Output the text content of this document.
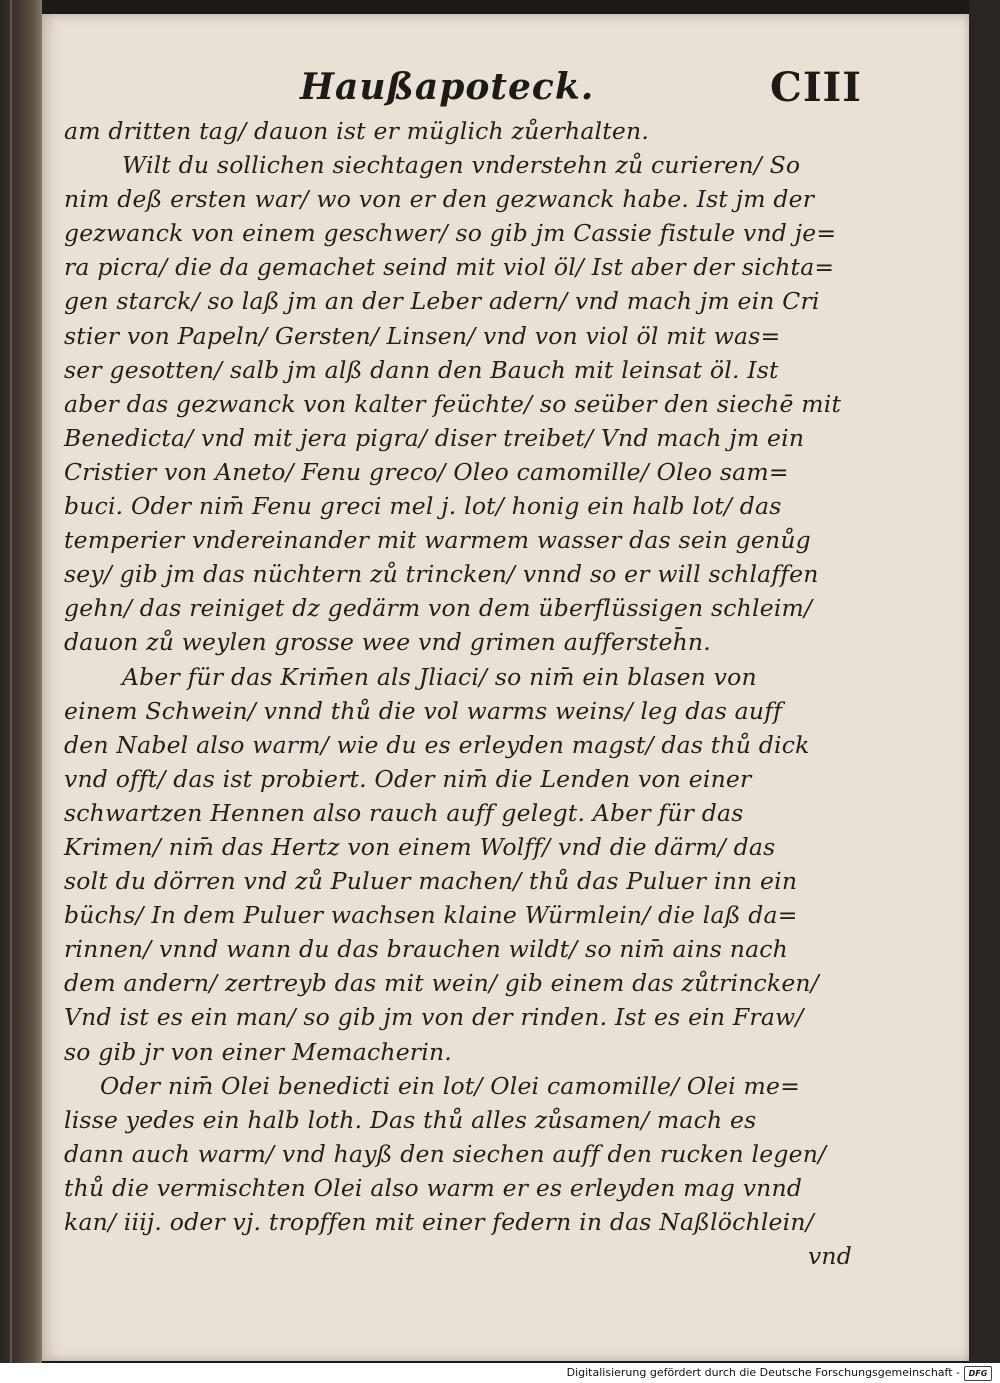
Haußapoteck.	CIII
am dritten tag/ dauon ist er müglich zůerhalten.
Wilt du sollichen siechtagen vnderstehn zů curieren/ So
nim deß ersten war/ wo von er den gezwanck habe. Ist jm der
gezwanck von einem geschwer/ so gib jm Cassie fistule vnd je=
ra picra/ die da gemachet seind mit viol öl/ Ist aber der sichta=
gen starck/ so laß jm an der Leber adern/ vnd mach jm ein Cri
stier von Papeln/ Gersten/ Linsen/ vnd von viol öl mit was=
ser gesotten/ salb jm alß dann den Bauch mit leinsat öl. Ist
aber das gezwanck von kalter feüchte/ so seüber den siechē mit
Benedicta/ vnd mit jera pigra/ diser treibet/ Vnd mach jm ein
Cristier von Aneto/ Fenu greco/ Oleo camomille/ Oleo sam=
buci. Oder nim̄ Fenu greci mel j. lot/ honig ein halb lot/ das
temperier vndereinander mit warmem wasser das sein genůg
sey/ gib jm das nüchtern zů trincken/ vnnd so er will schlaffen
gehn/ das reiniget dz gedärm von dem überflüssigen schleim/
dauon zů weylen grosse wee vnd grimen auffersteh̄n.
Aber für das Krim̄en als Jliaci/ so nim̄ ein blasen von
einem Schwein/ vnnd thů die vol warms weins/ leg das auff
den Nabel also warm/ wie du es erleyden magst/ das thů dick
vnd offt/ das ist probiert. Oder nim̄ die Lenden von einer
schwartzen Hennen also rauch auff gelegt. Aber für das
Krimen/ nim̄ das Hertz von einem Wolff/ vnd die därm/ das
solt du dörren vnd zů Puluer machen/ thů das Puluer inn ein
büchs/ In dem Puluer wachsen klaine Würmlein/ die laß da=
rinnen/ vnnd wann du das brauchen wildt/ so nim̄ ains nach
dem andern/ zertreyb das mit wein/ gib einem das zůtrincken/
Vnd ist es ein man/ so gib jm von der rinden. Ist es ein Fraw/
so gib jr von einer Memacherin.
Oder nim̄ Olei benedicti ein lot/ Olei camomille/ Olei me=
lisse yedes ein halb loth. Das thů alles zůsamen/ mach es
dann auch warm/ vnd hayß den siechen auff den rucken legen/
thů die vermischten Olei also warm er es erleyden mag vnnd
kan/ iiij. oder vj. tropffen mit einer federn in das Naßlöchlein/
vnd
Digitalisierung gefördert durch die Deutsche Forschungsgemeinschaft -	DFG
